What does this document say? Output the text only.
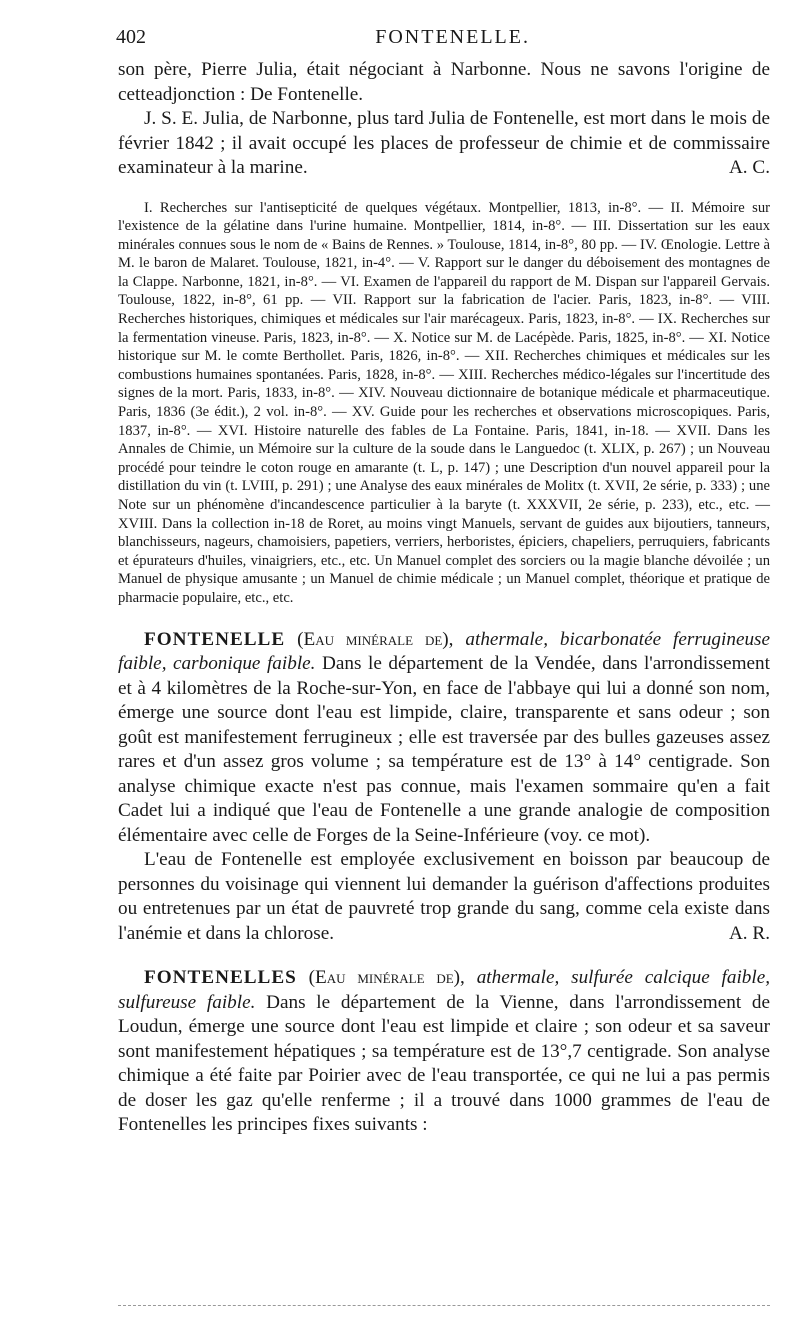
402	FONTENELLE.

son père, Pierre Julia, était négociant à Narbonne. Nous ne savons l'origine de cetteadjonction : De Fontenelle.

J. S. E. Julia, de Narbonne, plus tard Julia de Fontenelle, est mort dans le mois de février 1842 ; il avait occupé les places de professeur de chimie et de commissaire examinateur à la marine.	A. C.

I. Recherches sur l'antisepticité de quelques végétaux. Montpellier, 1813, in-8°. — II. Mémoire sur l'existence de la gélatine dans l'urine humaine. Montpellier, 1814, in-8°. — III. Dissertation sur les eaux minérales connues sous le nom de « Bains de Rennes. » Toulouse, 1814, in-8°, 80 pp. — IV. Œnologie. Lettre à M. le baron de Malaret. Toulouse, 1821, in-4°. — V. Rapport sur le danger du déboisement des montagnes de la Clappe. Narbonne, 1821, in-8°. — VI. Examen de l'appareil du rapport de M. Dispan sur l'appareil Gervais. Toulouse, 1822, in-8°, 61 pp. — VII. Rapport sur la fabrication de l'acier. Paris, 1823, in-8°. — VIII. Recherches historiques, chimiques et médicales sur l'air marécageux. Paris, 1823, in-8°. — IX. Recherches sur la fermentation vineuse. Paris, 1823, in-8°. — X. Notice sur M. de Lacépède. Paris, 1825, in-8°. — XI. Notice historique sur M. le comte Berthollet. Paris, 1826, in-8°. — XII. Recherches chimiques et médicales sur les combustions humaines spontanées. Paris, 1828, in-8°. — XIII. Recherches médico-légales sur l'incertitude des signes de la mort. Paris, 1833, in-8°. — XIV. Nouveau dictionnaire de botanique médicale et pharmaceutique. Paris, 1836 (3e édit.), 2 vol. in-8°. — XV. Guide pour les recherches et observations microscopiques. Paris, 1837, in-8°. — XVI. Histoire naturelle des fables de La Fontaine. Paris, 1841, in-18. — XVII. Dans les Annales de Chimie, un Mémoire sur la culture de la soude dans le Languedoc (t. XLIX, p. 267) ; un Nouveau procédé pour teindre le coton rouge en amarante (t. L, p. 147) ; une Description d'un nouvel appareil pour la distillation du vin (t. LVIII, p. 291) ; une Analyse des eaux minérales de Molitx (t. XVII, 2e série, p. 333) ; une Note sur un phénomène d'incandescence particulier à la baryte (t. XXXVII, 2e série, p. 233), etc., etc. — XVIII. Dans la collection in-18 de Roret, au moins vingt Manuels, servant de guides aux bijoutiers, tanneurs, blanchisseurs, nageurs, chamoisiers, papetiers, verriers, herboristes, épiciers, chapeliers, perruquiers, fabricants et épurateurs d'huiles, vinaigriers, etc., etc. Un Manuel complet des sorciers ou la magie blanche dévoilée ; un Manuel de physique amusante ; un Manuel de chimie médicale ; un Manuel complet, théorique et pratique de pharmacie populaire, etc., etc.

FONTENELLE (Eau minérale de), athermale, bicarbonatée ferrugineuse faible, carbonique faible. Dans le département de la Vendée, dans l'arrondissement et à 4 kilomètres de la Roche-sur-Yon, en face de l'abbaye qui lui a donné son nom, émerge une source dont l'eau est limpide, claire, transparente et sans odeur ; son goût est manifestement ferrugineux ; elle est traversée par des bulles gazeuses assez rares et d'un assez gros volume ; sa température est de 13° à 14° centigrade. Son analyse chimique exacte n'est pas connue, mais l'examen sommaire qu'en a fait Cadet lui a indiqué que l'eau de Fontenelle a une grande analogie de composition élémentaire avec celle de Forges de la Seine-Inférieure (voy. ce mot).

L'eau de Fontenelle est employée exclusivement en boisson par beaucoup de personnes du voisinage qui viennent lui demander la guérison d'affections produites ou entretenues par un état de pauvreté trop grande du sang, comme cela existe dans l'anémie et dans la chlorose.	A. R.

FONTENELLES (Eau minérale de), athermale, sulfurée calcique faible, sulfureuse faible. Dans le département de la Vienne, dans l'arrondissement de Loudun, émerge une source dont l'eau est limpide et claire ; son odeur et sa saveur sont manifestement hépatiques ; sa température est de 13°,7 centigrade. Son analyse chimique a été faite par Poirier avec de l'eau transportée, ce qui ne lui a pas permis de doser les gaz qu'elle renferme ; il a trouvé dans 1000 grammes de l'eau de Fontenelles les principes fixes suivants :
